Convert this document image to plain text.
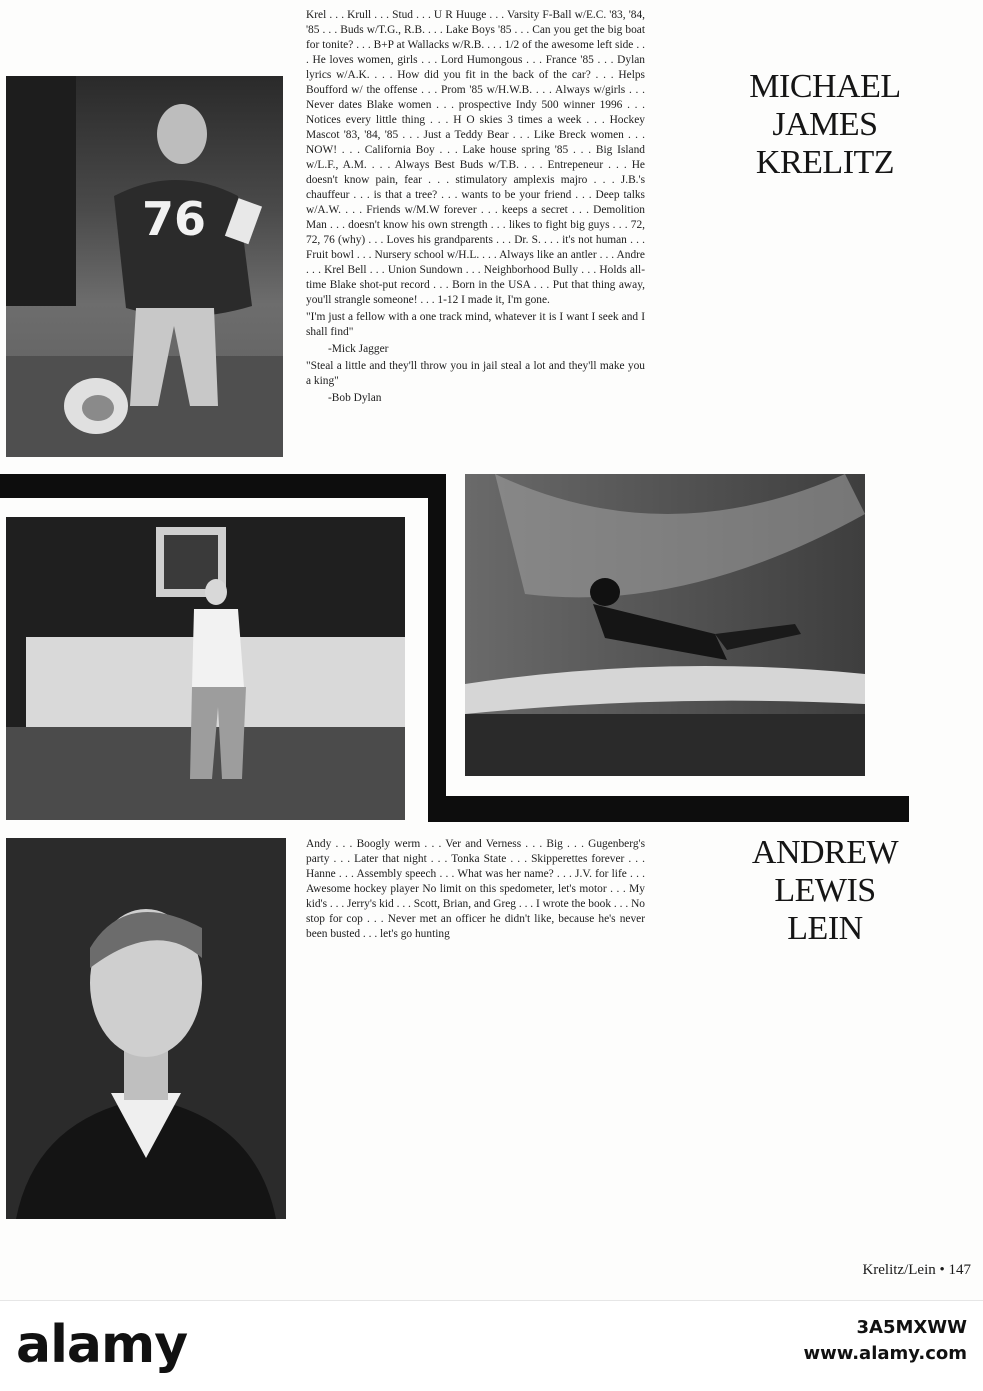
76

Krel . . . Krull . . . Stud . . . U R Huuge . . . Varsity F-Ball w/E.C. '83, '84, '85 . . . Buds w/T.G., R.B. . . . Lake Boys '85 . . . Can you get the big boat for tonite? . . . B+P at Wallacks w/R.B. . . . 1/2 of the awesome left side . . . He loves women, girls . . . Lord Humongous . . . France '85 . . . Dylan lyrics w/A.K. . . . How did you fit in the back of the car? . . . Helps Boufford w/ the offense . . . Prom '85 w/H.W.B. . . . Always w/girls . . . Never dates Blake women . . . prospective Indy 500 winner 1996 . . . Notices every little thing . . . H O skies 3 times a week . . . Hockey Mascot '83, '84, '85 . . . Just a Teddy Bear . . . Like Breck women . . . NOW! . . . California Boy . . . Lake house spring '85 . . . Big Island w/L.F., A.M. . . . Always Best Buds w/T.B. . . . Entrepeneur . . . He doesn't know pain, fear . . . stimulatory amplexis majro . . . J.B.'s chauffeur . . . is that a tree? . . . wants to be your friend . . . Deep talks w/A.W. . . . Friends w/M.W forever . . . keeps a secret . . . Demolition Man . . . doesn't know his own strength . . . likes to fight big guys . . . 72, 72, 76 (why) . . . Loves his grandparents . . . Dr. S. . . . it's not human . . . Fruit bowl . . . Nursery school w/H.L. . . . Always like an antler . . . Andre . . . Krel Bell . . . Union Sundown . . . Neighborhood Bully . . . Holds all-time Blake shot-put record . . . Born in the USA . . . Put that thing away, you'll strangle someone! . . . 1-12 I made it, I'm gone.

"I'm just a fellow with a one track mind, whatever it is I want I seek and I shall find"

-Mick Jagger

"Steal a little and they'll throw you in jail steal a lot and they'll make you a king"

-Bob Dylan

MICHAEL
JAMES
KRELITZ

Andy . . . Boogly werm . . . Ver and Verness . . . Big . . . Gugenberg's party . . . Later that night . . . Tonka State . . . Skipperettes forever . . . Hanne . . . Assembly speech . . . What was her name? . . . J.V. for life . . . Awesome hockey player No limit on this spedometer, let's motor . . . My kid's . . . Jerry's kid . . . Scott, Brian, and Greg . . . I wrote the book . . . No stop for cop . . . Never met an officer he didn't like, because he's never been busted . . . let's go hunting

ANDREW
LEWIS
LEIN
Krelitz/Lein • 147
alamy	3A5MXWW
www.alamy.com
